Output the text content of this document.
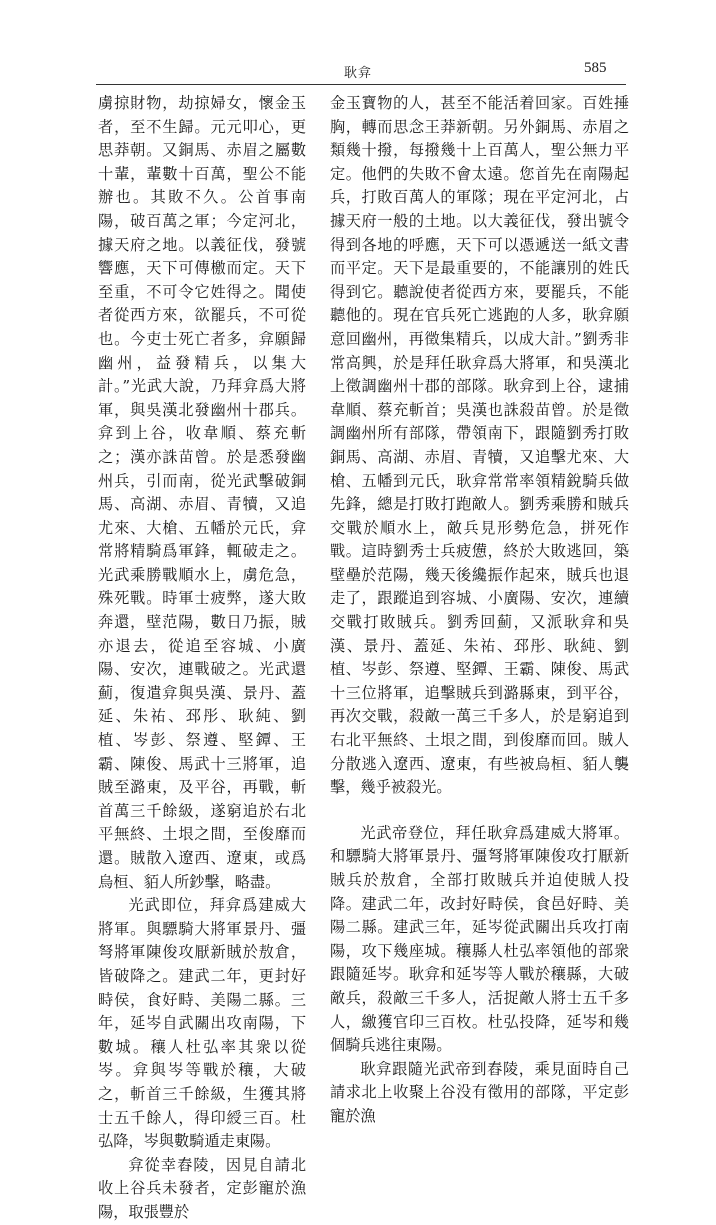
耿弇	585

虜掠財物，劫掠婦女，懷金玉者，至不生歸。元元叩心，更思莽朝。又銅馬、赤眉之屬數十輩，輩數十百萬，聖公不能辦也。其敗不久。公首事南陽，破百萬之軍；今定河北，據天府之地。以義征伐，發號響應，天下可傳檄而定。天下至重，不可令它姓得之。聞使者從西方來，欲罷兵，不可從也。今吏士死亡者多，弇願歸幽州，益發精兵，以集大計。”光武大說，乃拜弇爲大將軍，與吳漢北發幽州十郡兵。弇到上谷，收韋順、蔡充斬之；漢亦誅苗曾。於是悉發幽州兵，引而南，從光武擊破銅馬、高湖、赤眉、青犢，又追尤來、大槍、五幡於元氏，弇常將精騎爲軍鋒，輒破走之。光武乘勝戰順水上，虜危急，殊死戰。時軍士疲弊，遂大敗奔還，壁范陽，數日乃振，賊亦退去，從追至容城、小廣陽、安次，連戰破之。光武還薊，復遣弇與吳漢、景丹、蓋延、朱祐、邳彤、耿純、劉植、岑彭、祭遵、堅鐔、王霸、陳俊、馬武十三將軍，追賊至潞東，及平谷，再戰，斬首萬三千餘級，遂窮追於右北平無終、土垠之間，至俊靡而還。賊散入遼西、遼東，或爲烏桓、貊人所鈔擊，略盡。

光武即位，拜弇爲建威大將軍。與驃騎大將軍景丹、彊弩將軍陳俊攻厭新賊於敖倉，皆破降之。建武二年，更封好畤侯，食好畤、美陽二縣。三年，延岑自武關出攻南陽，下數城。穰人杜弘率其衆以從岑。弇與岑等戰於穰，大破之，斬首三千餘級，生獲其將士五千餘人，得印綬三百。杜弘降，岑與數騎遁走東陽。

弇從幸舂陵，因見自請北收上谷兵未發者，定彭寵於漁陽，取張豐於

金玉寶物的人，甚至不能活着回家。百姓捶胸，轉而思念王莽新朝。另外銅馬、赤眉之類幾十撥，每撥幾十上百萬人，聖公無力平定。他們的失敗不會太遠。您首先在南陽起兵，打敗百萬人的軍隊；現在平定河北，占據天府一般的土地。以大義征伐，發出號令得到各地的呼應，天下可以憑遞送一紙文書而平定。天下是最重要的，不能讓別的姓氏得到它。聽說使者從西方來，要罷兵，不能聽他的。現在官兵死亡逃跑的人多，耿弇願意回幽州，再徵集精兵，以成大計。”劉秀非常高興，於是拜任耿弇爲大將軍，和吳漢北上徵調幽州十郡的部隊。耿弇到上谷，逮捕韋順、蔡充斬首；吳漢也誅殺苗曾。於是徵調幽州所有部隊，帶領南下，跟隨劉秀打敗銅馬、高湖、赤眉、青犢，又追擊尤來、大槍、五幡到元氏，耿弇常常率領精銳騎兵做先鋒，總是打敗打跑敵人。劉秀乘勝和賊兵交戰於順水上，敵兵見形勢危急，拼死作戰。這時劉秀士兵疲憊，終於大敗逃回，築壁壘於范陽，幾天後纔振作起來，賊兵也退走了，跟蹤追到容城、小廣陽、安次，連續交戰打敗賊兵。劉秀回薊，又派耿弇和吳漢、景丹、蓋延、朱祐、邳彤、耿純、劉植、岑彭、祭遵、堅鐔、王霸、陳俊、馬武十三位將軍，追擊賊兵到潞縣東，到平谷，再次交戰，殺敵一萬三千多人，於是窮追到右北平無終、土垠之間，到俊靡而回。賊人分散逃入遼西、遼東，有些被烏桓、貊人襲擊，幾乎被殺光。

光武帝登位，拜任耿弇爲建威大將軍。和驃騎大將軍景丹、彊弩將軍陳俊攻打厭新賊兵於敖倉，全部打敗賊兵并迫使賊人投降。建武二年，改封好畤侯，食邑好畤、美陽二縣。建武三年，延岑從武關出兵攻打南陽，攻下幾座城。穰縣人杜弘率領他的部衆跟隨延岑。耿弇和延岑等人戰於穰縣，大破敵兵，殺敵三千多人，活捉敵人將士五千多人，繳獲官印三百枚。杜弘投降，延岑和幾個騎兵逃往東陽。

耿弇跟隨光武帝到舂陵，乘見面時自己請求北上收聚上谷没有徵用的部隊，平定彭寵於漁
